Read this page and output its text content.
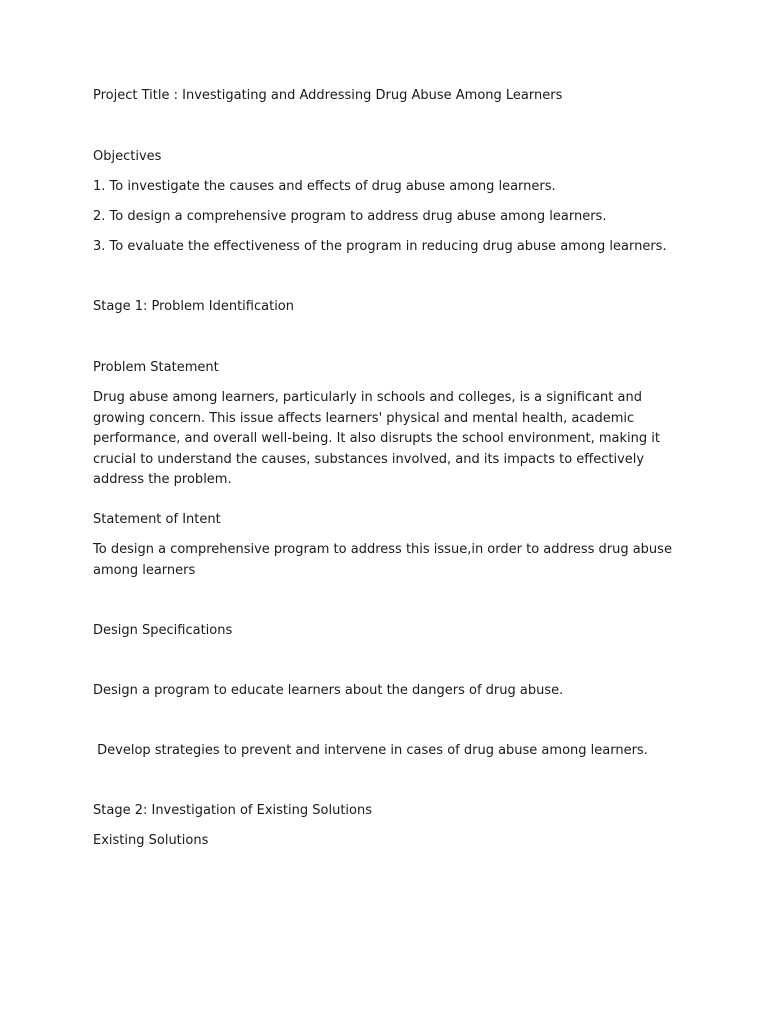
Project Title : Investigating and Addressing Drug Abuse Among Learners
Objectives
1. To investigate the causes and effects of drug abuse among learners.
2. To design a comprehensive program to address drug abuse among learners.
3. To evaluate the effectiveness of the program in reducing drug abuse among learners.
Stage 1: Problem Identification
Problem Statement
Drug abuse among learners, particularly in schools and colleges, is a significant and growing concern. This issue affects learners' physical and mental health, academic performance, and overall well-being. It also disrupts the school environment, making it crucial to understand the causes, substances involved, and its impacts to effectively address the problem.
Statement of Intent
To design a comprehensive program to address this issue,in order to address drug abuse among learners
Design Specifications
Design a program to educate learners about the dangers of drug abuse.
Develop strategies to prevent and intervene in cases of drug abuse among learners.
Stage 2: Investigation of Existing Solutions
Existing Solutions
